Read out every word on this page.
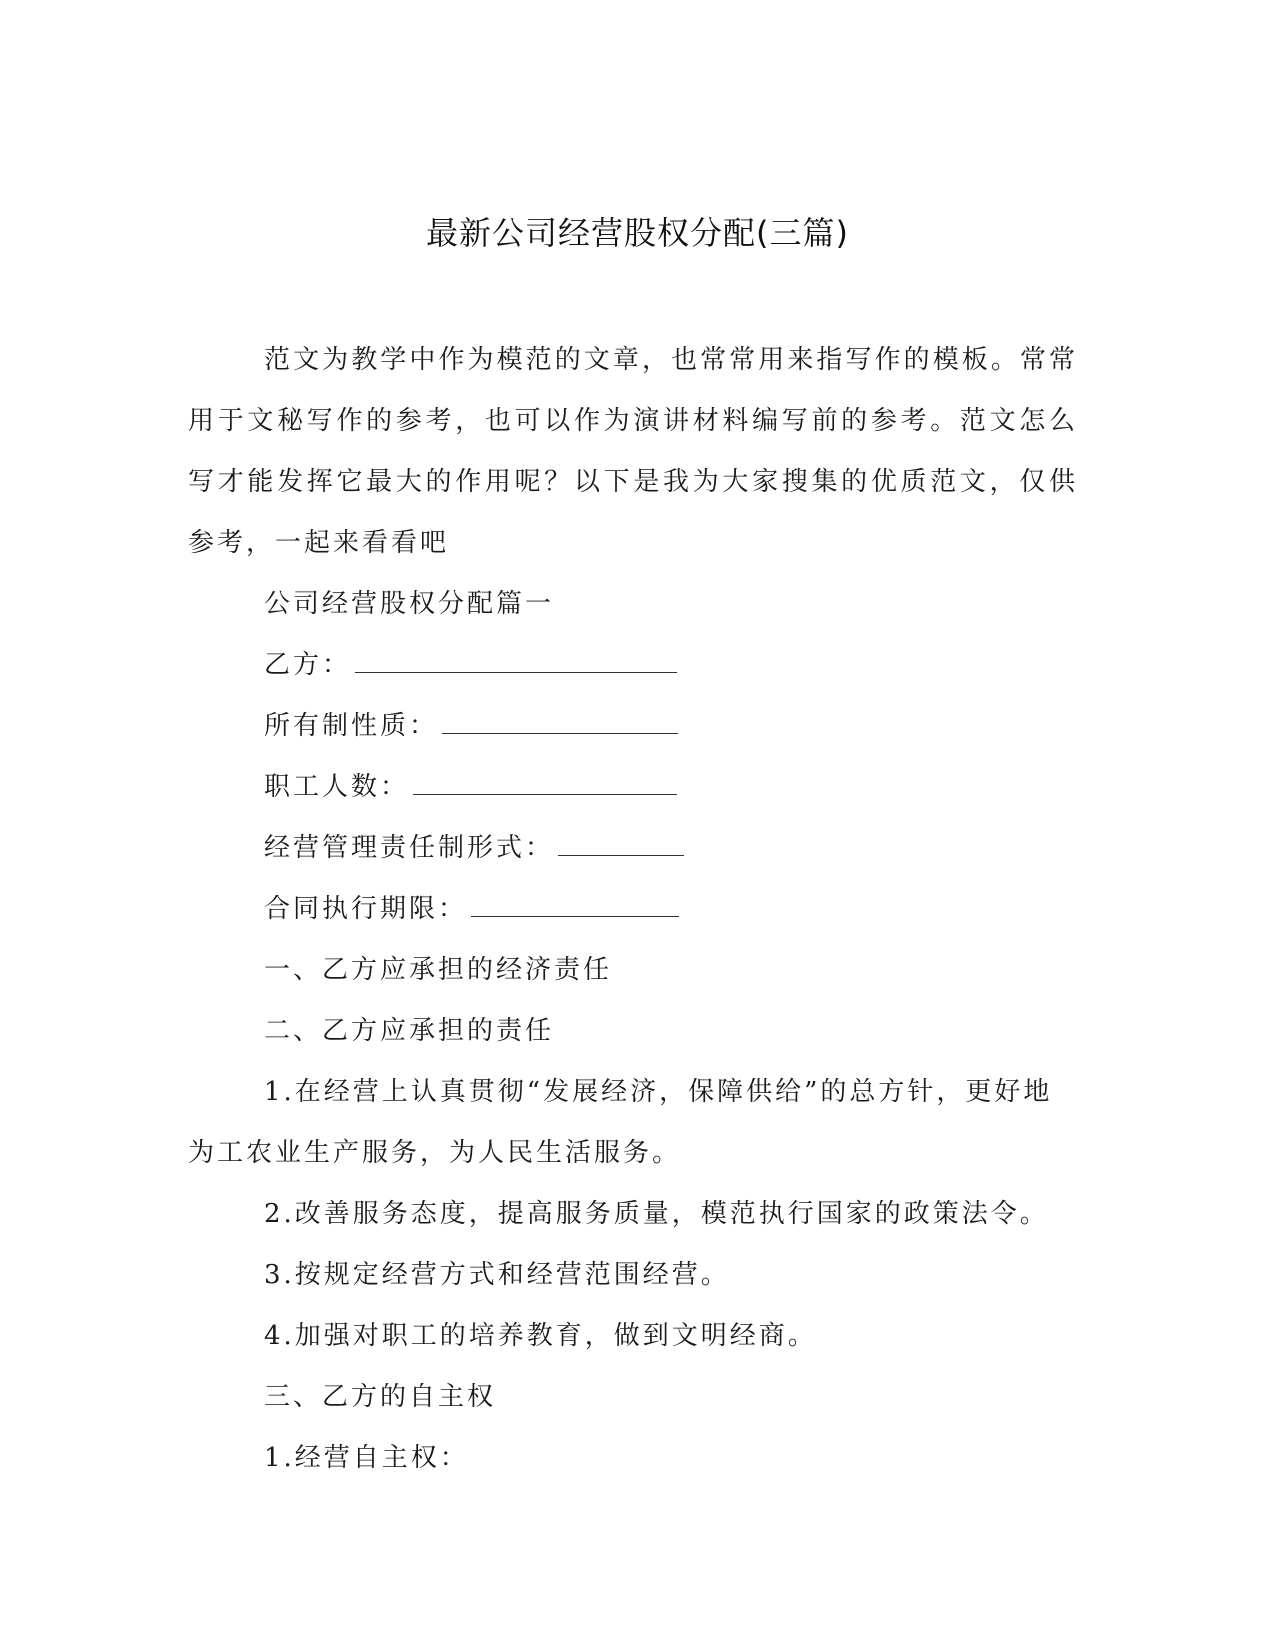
最新公司经营股权分配(三篇)

范文为教学中作为模范的文章，也常常用来指写作的模板。常常用于文秘写作的参考，也可以作为演讲材料编写前的参考。范文怎么写才能发挥它最大的作用呢？以下是我为大家搜集的优质范文，仅供参考，一起来看看吧

公司经营股权分配篇一

乙方：

所有制性质：

职工人数：

经营管理责任制形式：

合同执行期限：

一、乙方应承担的经济责任

二、乙方应承担的责任

1.在经营上认真贯彻“发展经济，保障供给”的总方针，更好地为工农业生产服务，为人民生活服务。

2.改善服务态度，提高服务质量，模范执行国家的政策法令。

3.按规定经营方式和经营范围经营。

4.加强对职工的培养教育，做到文明经商。

三、乙方的自主权

1.经营自主权：
